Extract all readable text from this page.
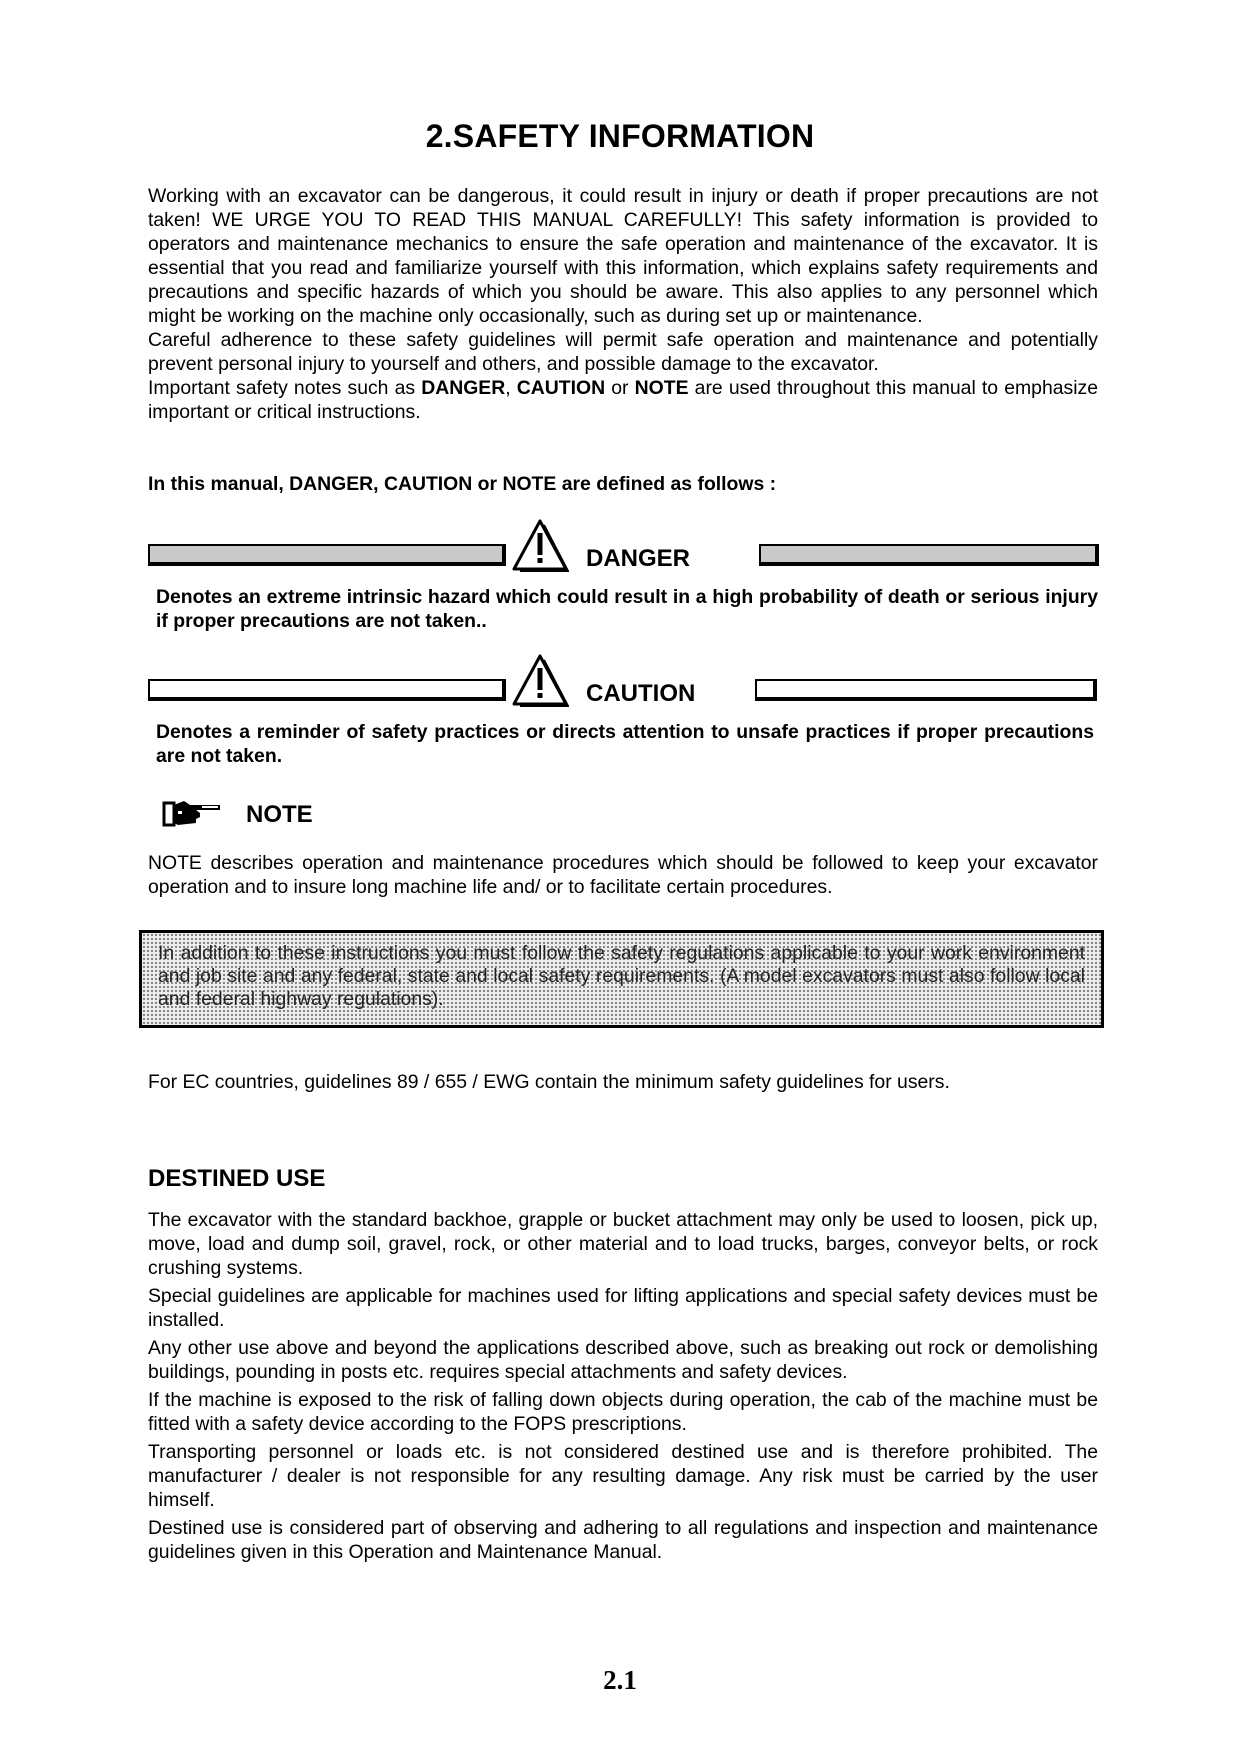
2.SAFETY INFORMATION

Working with an excavator can be dangerous, it could result in injury or death if proper precautions are not taken! WE URGE YOU TO READ THIS MANUAL CAREFULLY! This safety information is provided to operators and maintenance mechanics to ensure the safe operation and maintenance of the excavator. It is essential that you read and familiarize yourself with this information, which explains safety requirements and precautions and specific hazards of which you should be aware. This also applies to any personnel which might be working on the machine only occasionally, such as during set up or maintenance.

Careful adherence to these safety guidelines will permit safe operation and maintenance and potentially prevent personal injury to yourself and others, and possible damage to the excavator.

Important safety notes such as DANGER, CAUTION or NOTE are used throughout this manual to emphasize important or critical instructions.

In this manual, DANGER, CAUTION or NOTE are defined as follows :
DANGER
Denotes an extreme intrinsic hazard which could result in a high probability of death or serious injury if proper precautions are not taken..
CAUTION
Denotes a reminder of safety practices or directs attention to unsafe practices if proper precautions are not taken.
NOTE
NOTE describes operation and maintenance procedures which should be followed to keep your excavator operation and to insure long machine life and/ or to facilitate certain procedures.
In addition to these instructions you must follow the safety regulations applicable to your work environment and job site and any federal, state and local safety requirements. (A model excavators must also follow local and federal highway regulations).
For EC countries, guidelines 89 / 655 / EWG contain the minimum safety guidelines for users.
DESTINED USE

The excavator with the standard backhoe, grapple or bucket attachment may only be used to loosen, pick up, move, load and dump soil, gravel, rock, or other material and to load trucks, barges, conveyor belts, or rock crushing systems.

Special guidelines are applicable for machines used for lifting applications and special safety devices must be installed.

Any other use above and beyond the applications described above, such as breaking out rock or demolishing buildings, pounding in posts etc. requires special attachments and safety devices.

If the machine is exposed to the risk of falling down objects during operation, the cab of the machine must be fitted with a safety device according to the FOPS prescriptions.

Transporting personnel or loads etc. is not considered destined use and is therefore prohibited. The manufacturer / dealer is not responsible for any resulting damage. Any risk must be carried by the user himself.

Destined use is considered part of observing and adhering to all regulations and inspection and maintenance guidelines given in this Operation and Maintenance Manual.

2.1
